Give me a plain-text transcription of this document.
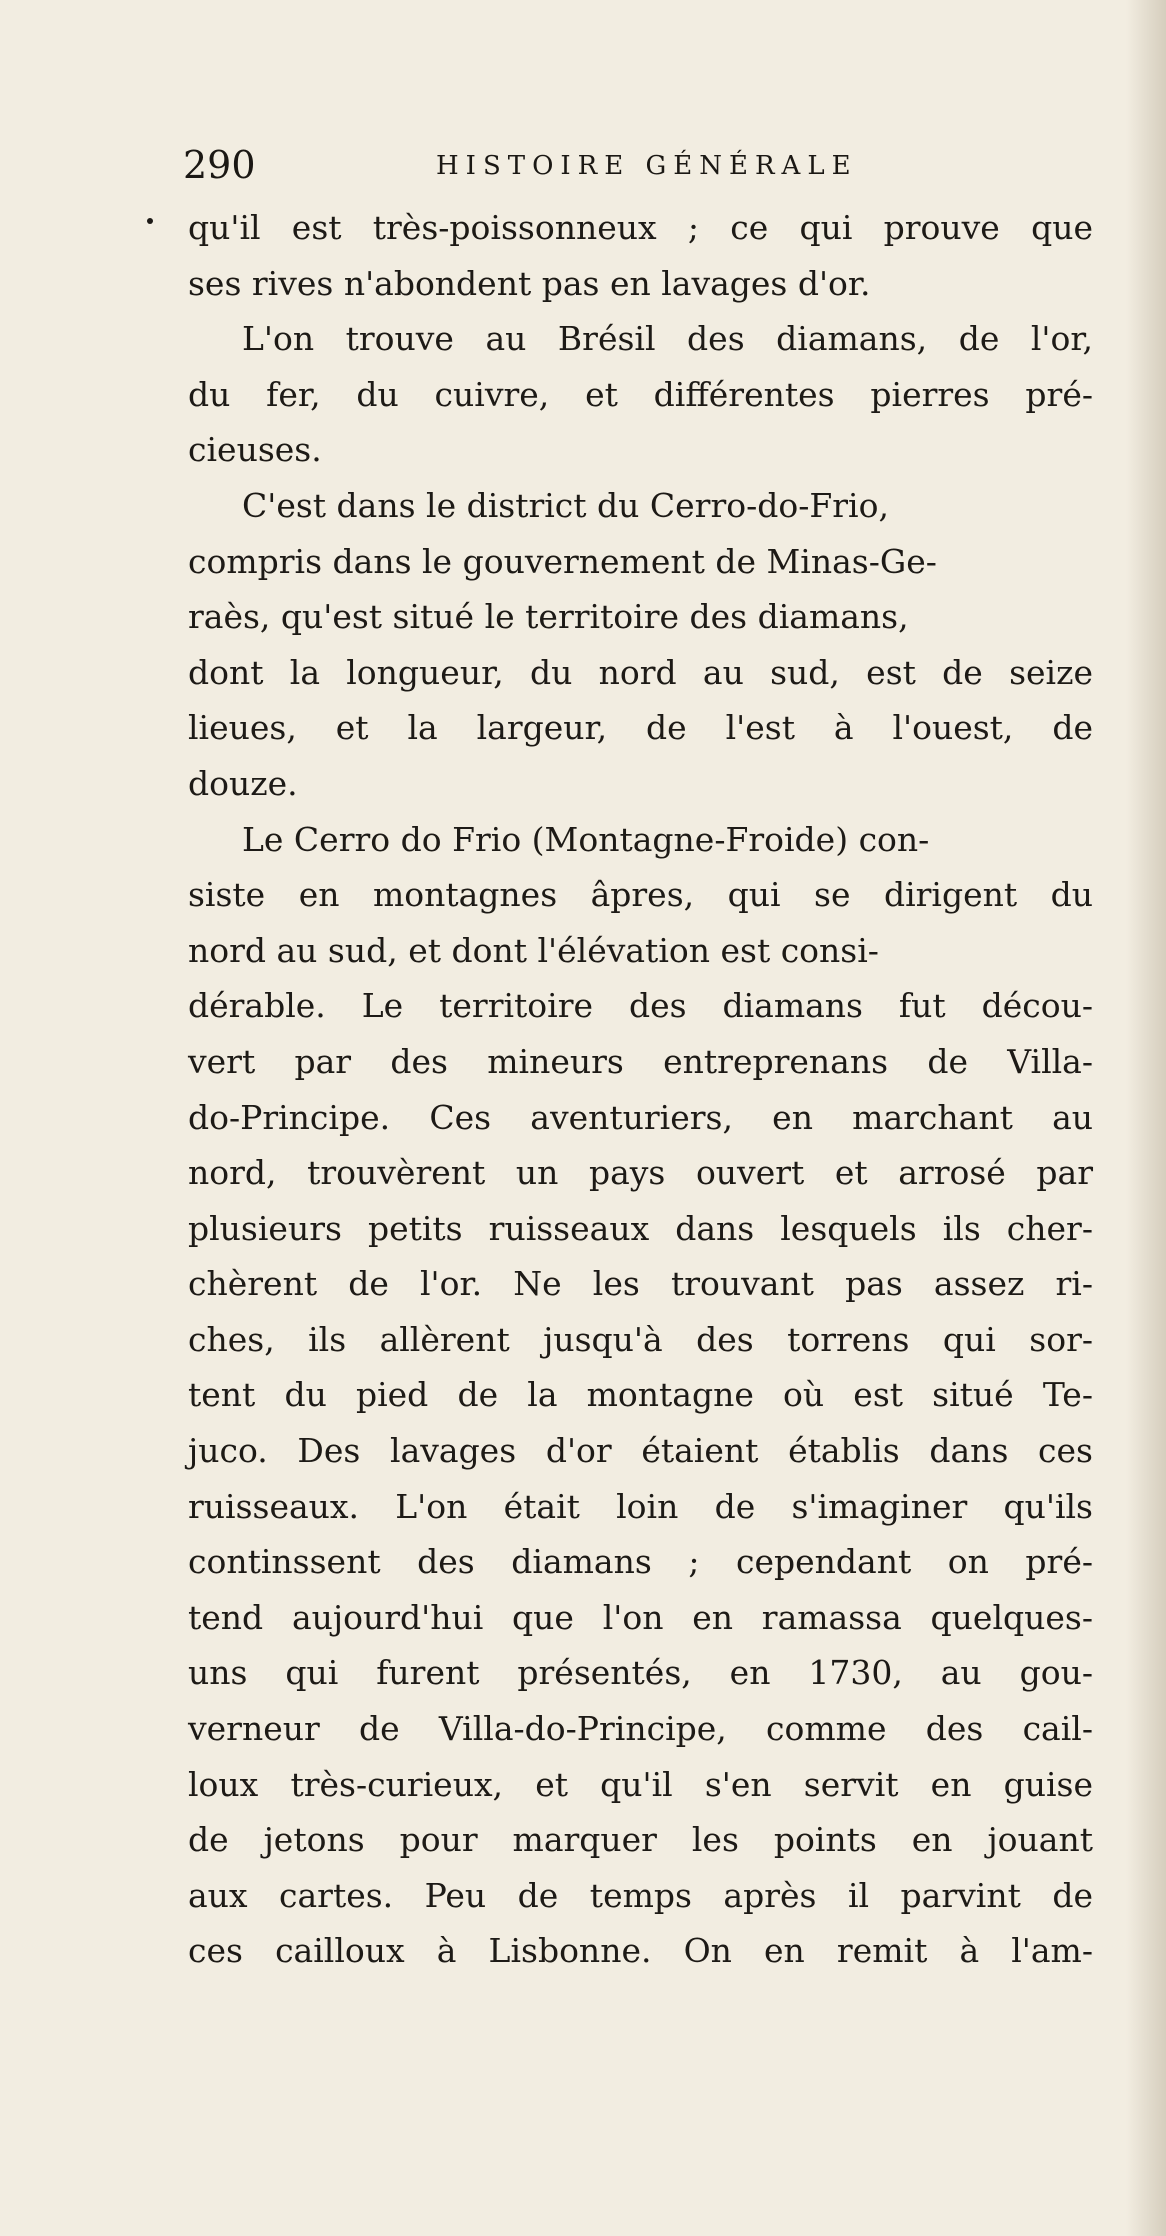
290	HISTOIRE GÉNÉRALE
qu'il est très-poissonneux ; ce qui prouve que
ses rives n'abondent pas en lavages d'or.
L'on trouve au Brésil des diamans, de l'or,
du fer, du cuivre, et différentes pierres pré-
cieuses.
C'est dans le district du Cerro-do-Frio,
compris dans le gouvernement de Minas-Ge-
raès, qu'est situé le territoire des diamans,
dont la longueur, du nord au sud, est de seize
lieues, et la largeur, de l'est à l'ouest, de
douze.
Le Cerro do Frio (Montagne-Froide) con-
siste en montagnes âpres, qui se dirigent du
nord au sud, et dont l'élévation est consi-
dérable. Le territoire des diamans fut décou-
vert par des mineurs entreprenans de Villa-
do-Principe. Ces aventuriers, en marchant au
nord, trouvèrent un pays ouvert et arrosé par
plusieurs petits ruisseaux dans lesquels ils cher-
chèrent de l'or. Ne les trouvant pas assez ri-
ches, ils allèrent jusqu'à des torrens qui sor-
tent du pied de la montagne où est situé Te-
juco. Des lavages d'or étaient établis dans ces
ruisseaux. L'on était loin de s'imaginer qu'ils
continssent des diamans ; cependant on pré-
tend aujourd'hui que l'on en ramassa quelques-
uns qui furent présentés, en 1730, au gou-
verneur de Villa-do-Principe, comme des cail-
loux très-curieux, et qu'il s'en servit en guise
de jetons pour marquer les points en jouant
aux cartes. Peu de temps après il parvint de
ces cailloux à Lisbonne. On en remit à l'am-
